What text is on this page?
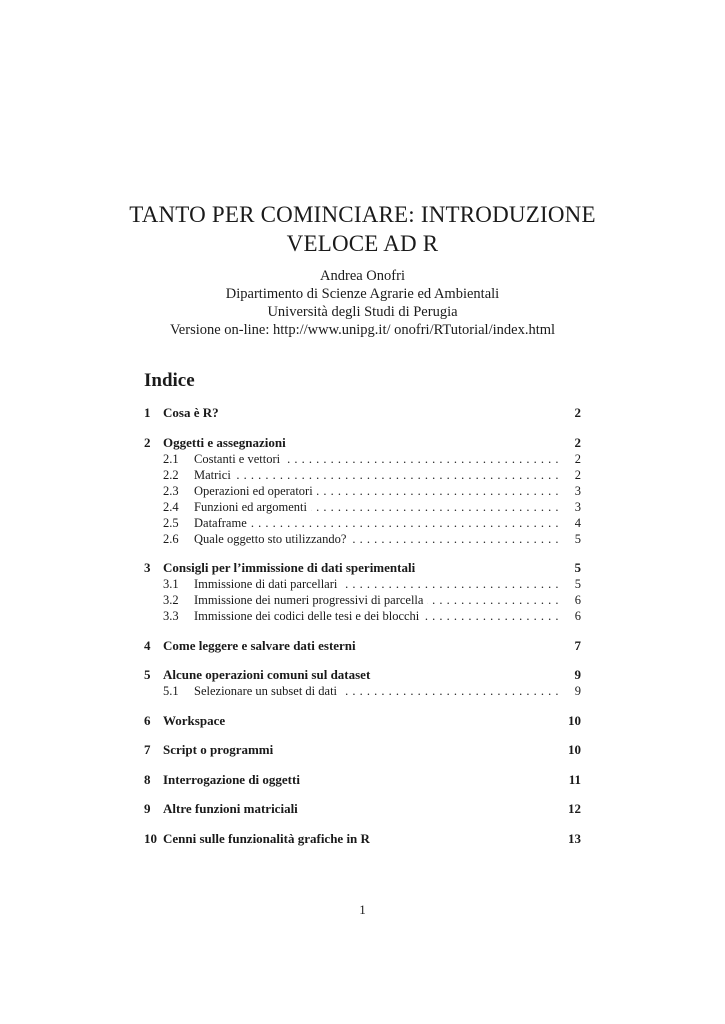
TANTO PER COMINCIARE: INTRODUZIONE
VELOCE AD R
Andrea Onofri
Dipartimento di Scienze Agrarie ed Ambientali
Università degli Studi di Perugia
Versione on-line: http://www.unipg.it/ onofri/RTutorial/index.html
Indice
1 Cosa è R?	2
2 Oggetti e assegnazioni	2
. . .
2.1 Costanti e vettori	2
. . .
2.2 Matrici	2
. . .
2.3 Operazioni ed operatori	3
. . .
2.4 Funzioni ed argomenti	3
. . .
2.5 Dataframe	4
. . .
2.6 Quale oggetto sto utilizzando?	5
3 Consigli per l’immissione di dati sperimentali	5
. . .
3.1 Immissione di dati parcellari	5
. . .
3.2 Immissione dei numeri progressivi di parcella	6
. . .
3.3 Immissione dei codici delle tesi e dei blocchi	6
4 Come leggere e salvare dati esterni	7
5 Alcune operazioni comuni sul dataset	9
. . .
5.1 Selezionare un subset di dati	9
6 Workspace	10
7 Script o programmi	10
8 Interrogazione di oggetti	11
9 Altre funzioni matriciali	12
10 Cenni sulle funzionalità grafiche in R	13
1
